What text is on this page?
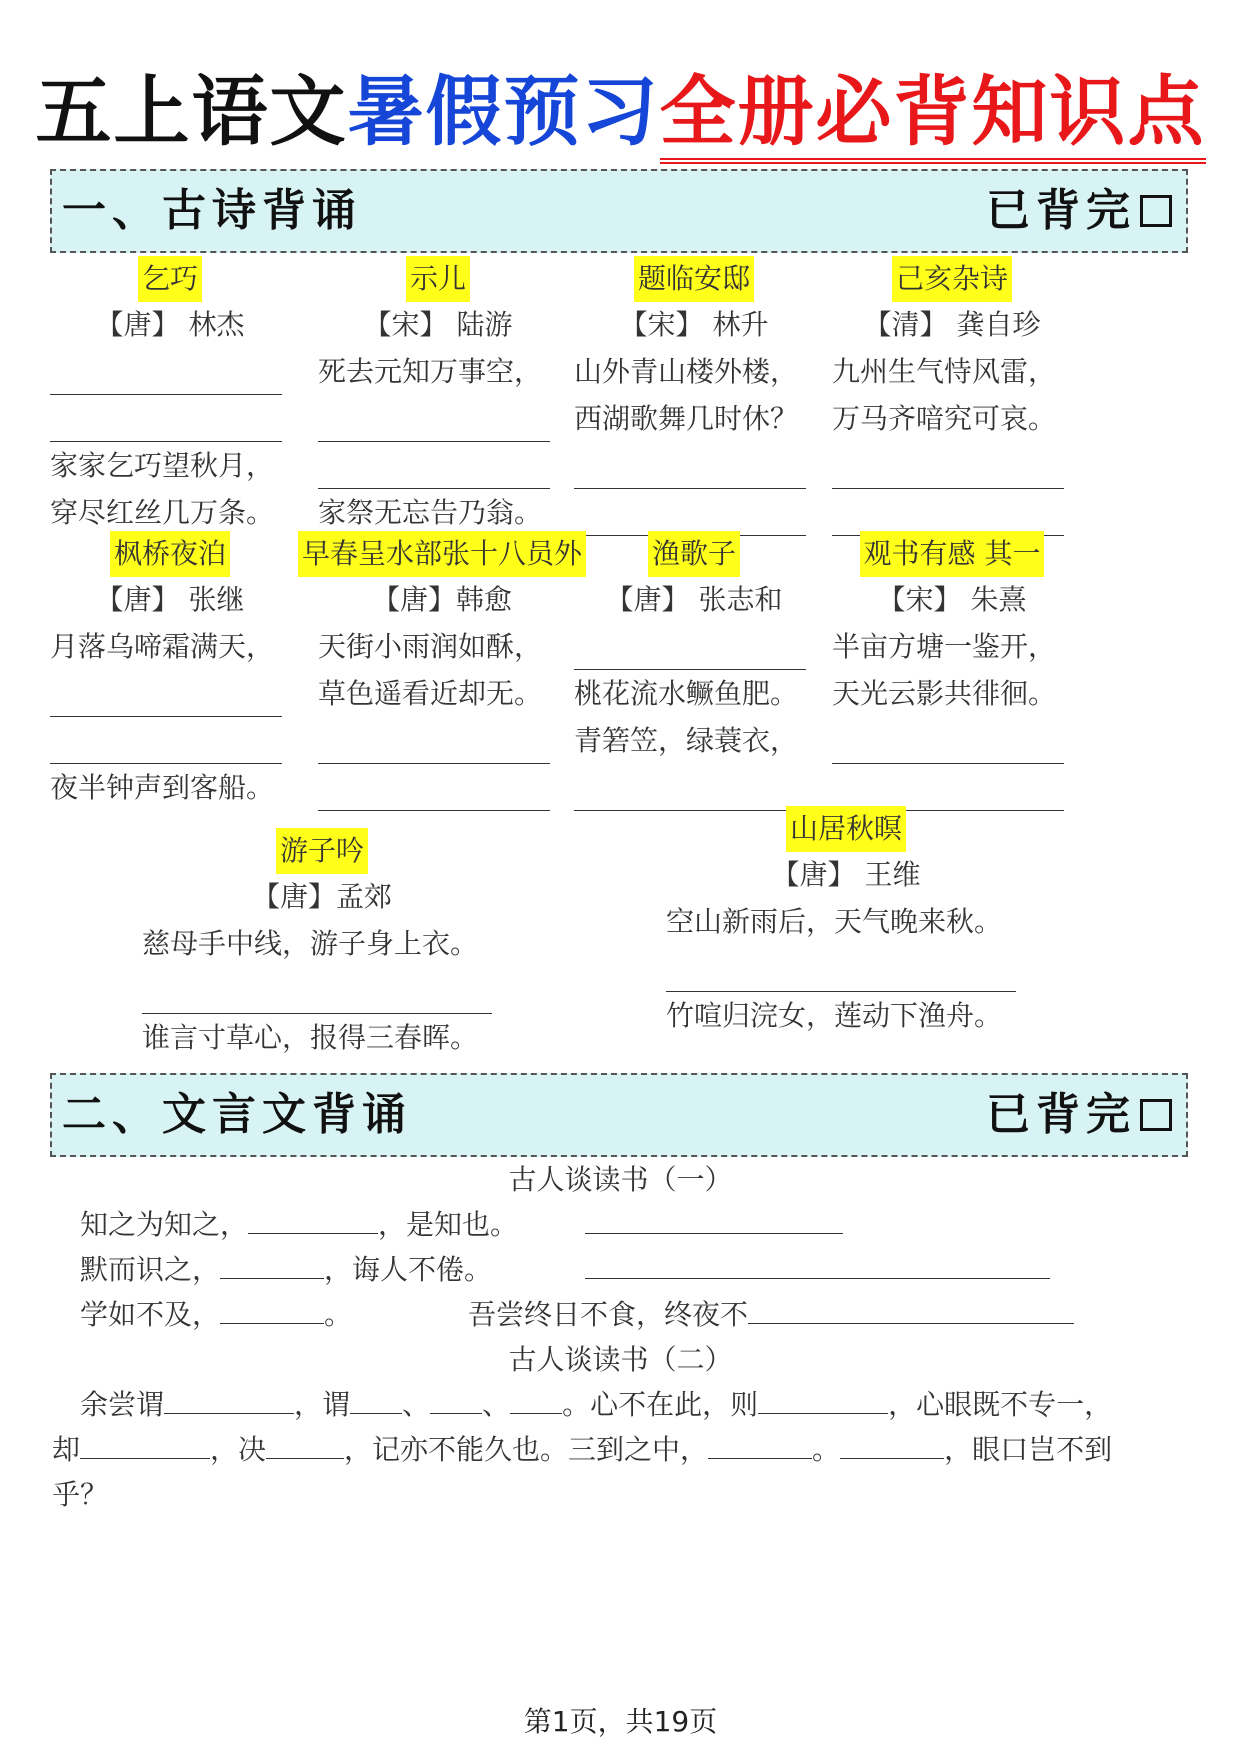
五上语文暑假预习全册必背知识点
一、古诗背诵	已背完
乞巧
【唐】 林杰
家家乞巧望秋月，
穿尽红丝几万条。
示儿
【宋】 陆游
死去元知万事空，
家祭无忘告乃翁。
题临安邸
【宋】 林升
山外青山楼外楼，
西湖歌舞几时休？
己亥杂诗
【清】 龚自珍
九州生气恃风雷，
万马齐喑究可哀。
枫桥夜泊
【唐】 张继
月落乌啼霜满天，
夜半钟声到客船。
早春呈水部张十八员外
【唐】韩愈
天街小雨润如酥，
草色遥看近却无。
渔歌子
【唐】 张志和
桃花流水鳜鱼肥。
青箬笠，绿蓑衣，
观书有感 其一
【宋】 朱熹
半亩方塘一鉴开，
天光云影共徘徊。
游子吟
【唐】孟郊
慈母手中线，游子身上衣。
谁言寸草心，报得三春晖。
山居秋暝
【唐】 王维
空山新雨后，天气晚来秋。
竹喧归浣女，莲动下渔舟。
二、文言文背诵	已背完
古人谈读书（一）
知之为知之，	，是知也。
默而识之，	，诲人不倦。
学如不及，	。	吾尝终日不食，终夜不
古人谈读书（二）
余尝谓	，谓 、 、 。心不在此，则	，心眼既不专一，
却	，决	，记亦不能久也。三到之中，	。	，眼口岂不到
乎？
第1页，共19页
